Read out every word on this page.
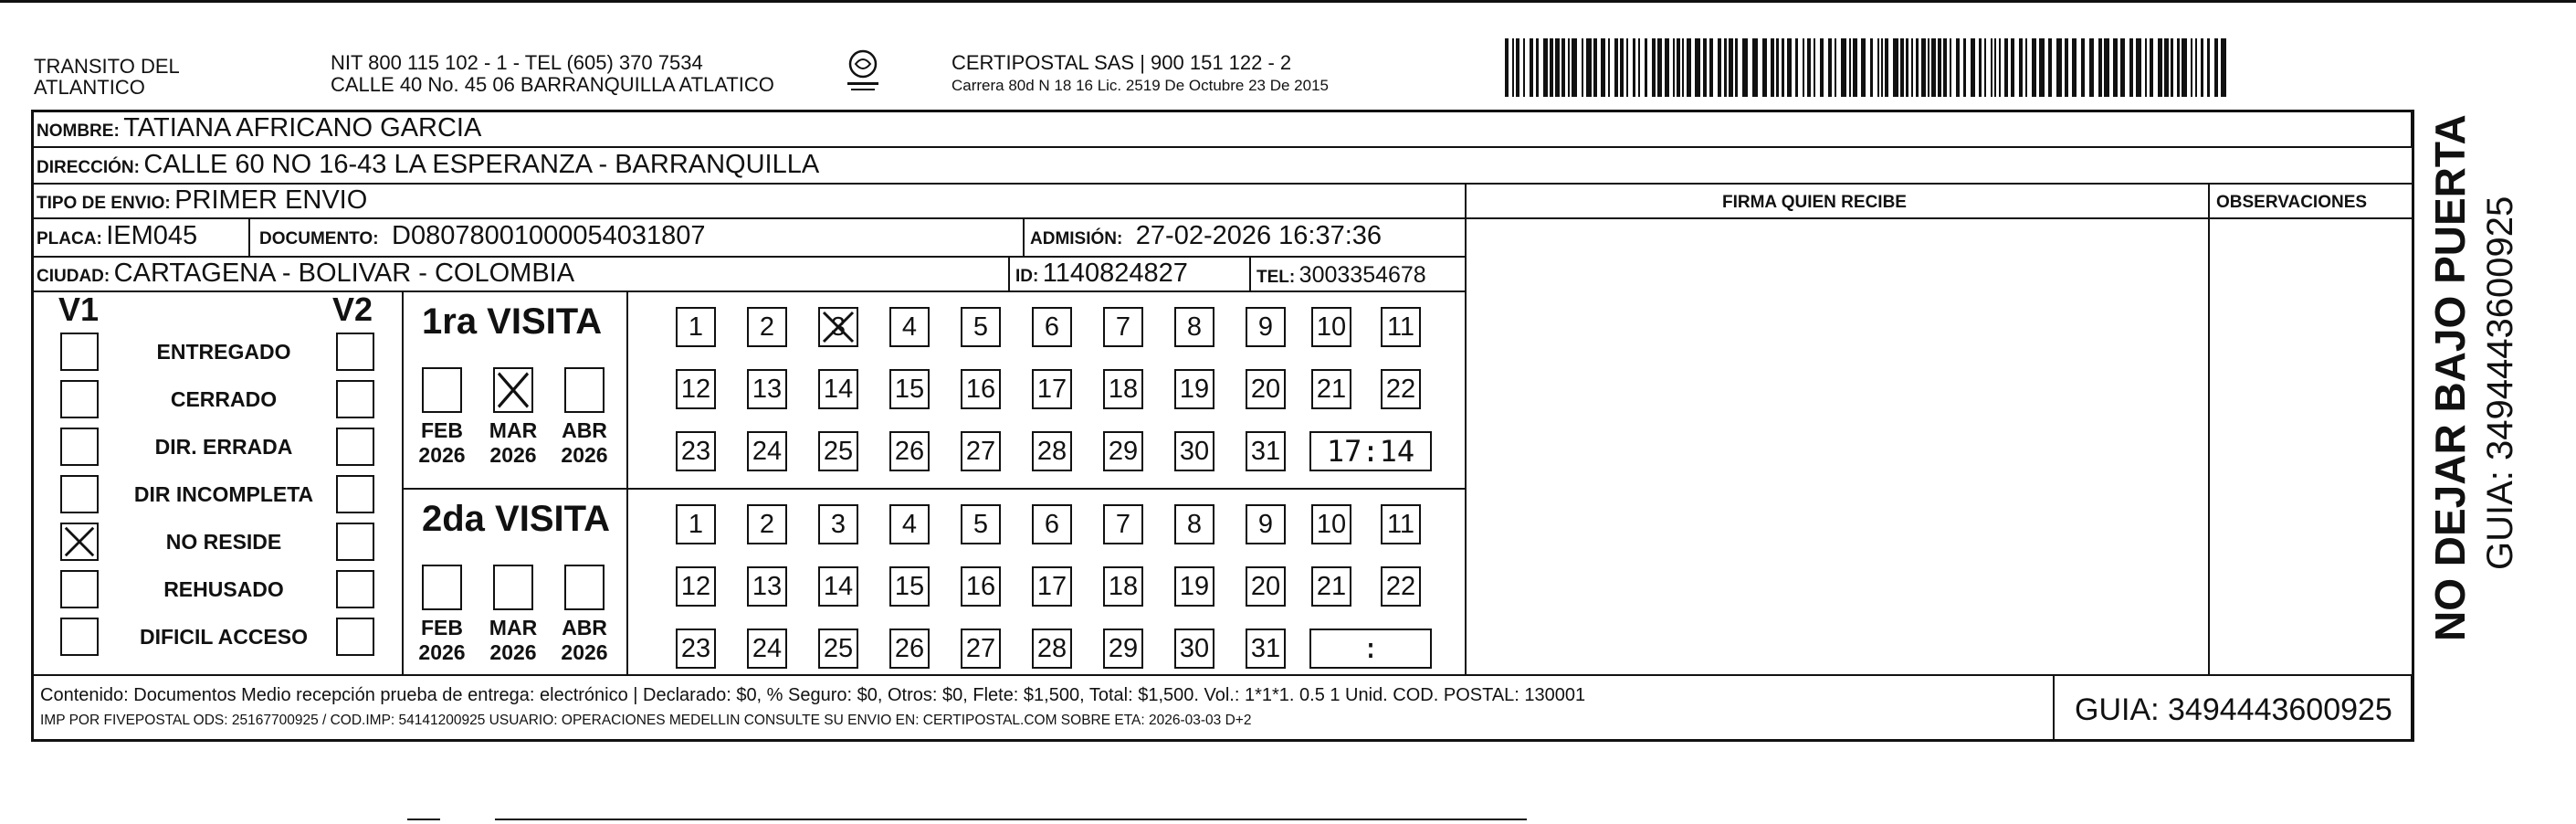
TRANSITO DEL
ATLANTICO
NIT 800 115 102 - 1 - TEL (605) 370 7534
CALLE 40 No. 45 06 BARRANQUILLA ATLATICO
CERTIPOSTAL SAS | 900 151 122 - 2
Carrera 80d N 18 16 Lic. 2519 De Octubre 23 De 2015
NOMBRE: TATIANA AFRICANO GARCIA
DIRECCIÓN: CALLE 60 NO 16-43 LA ESPERANZA - BARRANQUILLA
TIPO DE ENVIO: PRIMER ENVIO	FIRMA QUIEN RECIBE	OBSERVACIONES
PLACA: IEM045	DOCUMENTO: D08078001000054031807	ADMISIÓN: 27-02-2026 16:37:36
CIUDAD: CARTAGENA - BOLIVAR - COLOMBIA	ID: 1140824827	TEL: 3003354678
V1	V2
ENTREGADO
CERRADO
DIR. ERRADA
DIR INCOMPLETA
NO RESIDE
REHUSADO
DIFICIL ACCESO
1ra VISITA
FEB
2026
MAR
2026
ABR
2026
1 2 3 4 5 6 7 8 9 10 11
12 13 14 15 16 17 18 19 20 21 22
23 24 25 26 27 28 29 30 31 17:14
2da VISITA
FEB
2026
MAR
2026
ABR
2026
1 2 3 4 5 6 7 8 9 10 11
12 13 14 15 16 17 18 19 20 21 22
23 24 25 26 27 28 29 30 31	:
Contenido: Documentos Medio recepción prueba de entrega: electrónico | Declarado: $0, % Seguro: $0, Otros: $0, Flete: $1,500, Total: $1,500. Vol.: 1*1*1. 0.5 1 Unid. COD. POSTAL: 130001
IMP POR FIVEPOSTAL ODS: 25167700925 / COD.IMP: 54141200925 USUARIO: OPERACIONES MEDELLIN CONSULTE SU ENVIO EN: CERTIPOSTAL.COM SOBRE ETA: 2026-03-03 D+2	GUIA: 3494443600925
NO DEJAR BAJO PUERTA GUIA: 3494443600925
